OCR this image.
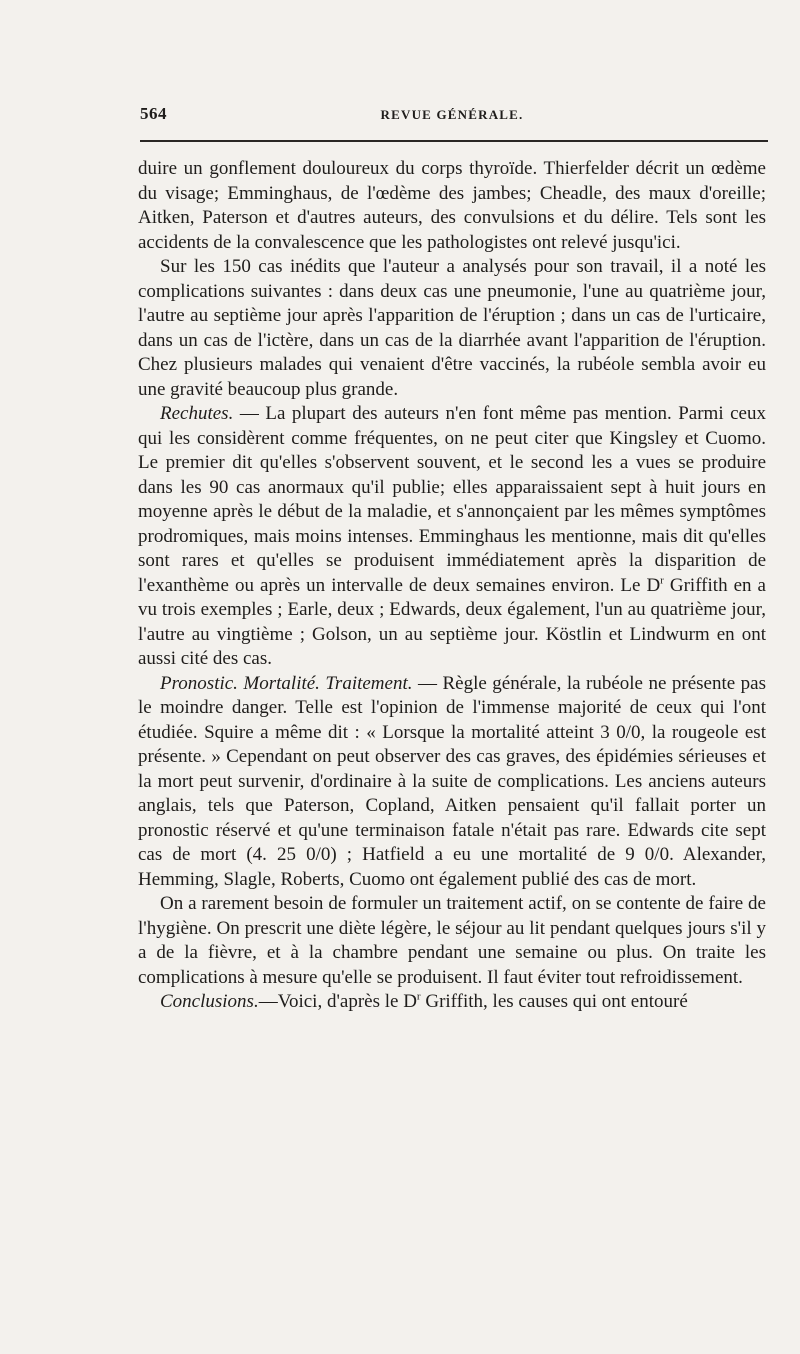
564	REVUE GÉNÉRALE.

duire un gonflement douloureux du corps thyroïde. Thierfelder décrit un œdème du visage; Emminghaus, de l'œdème des jambes; Cheadle, des maux d'oreille; Aitken, Paterson et d'autres auteurs, des convulsions et du délire. Tels sont les accidents de la convalescence que les pathologistes ont relevé jusqu'ici.

Sur les 150 cas inédits que l'auteur a analysés pour son travail, il a noté les complications suivantes : dans deux cas une pneumonie, l'une au quatrième jour, l'autre au septième jour après l'apparition de l'éruption ; dans un cas de l'urticaire, dans un cas de l'ictère, dans un cas de la diarrhée avant l'apparition de l'éruption. Chez plusieurs malades qui venaient d'être vaccinés, la rubéole sembla avoir eu une gravité beaucoup plus grande.

Rechutes. — La plupart des auteurs n'en font même pas mention. Parmi ceux qui les considèrent comme fréquentes, on ne peut citer que Kingsley et Cuomo. Le premier dit qu'elles s'observent souvent, et le second les a vues se produire dans les 90 cas anormaux qu'il publie; elles apparaissaient sept à huit jours en moyenne après le début de la maladie, et s'annonçaient par les mêmes symptômes prodromiques, mais moins intenses. Emminghaus les mentionne, mais dit qu'elles sont rares et qu'elles se produisent immédiatement après la disparition de l'exanthème ou après un intervalle de deux semaines environ. Le $D^r$ Griffith en a vu trois exemples ; Earle, deux ; Edwards, deux également, l'un au quatrième jour, l'autre au vingtième ; Golson, un au septième jour. Köstlin et Lindwurm en ont aussi cité des cas.

Pronostic. Mortalité. Traitement. — Règle générale, la rubéole ne présente pas le moindre danger. Telle est l'opinion de l'immense majorité de ceux qui l'ont étudiée. Squire a même dit : « Lorsque la mortalité atteint 3 0/0, la rougeole est présente. » Cependant on peut observer des cas graves, des épidémies sérieuses et la mort peut survenir, d'ordinaire à la suite de complications. Les anciens auteurs anglais, tels que Paterson, Copland, Aitken pensaient qu'il fallait porter un pronostic réservé et qu'une terminaison fatale n'était pas rare. Edwards cite sept cas de mort (4. 25 0/0) ; Hatfield a eu une mortalité de 9 0/0. Alexander, Hemming, Slagle, Roberts, Cuomo ont également publié des cas de mort.

On a rarement besoin de formuler un traitement actif, on se contente de faire de l'hygiène. On prescrit une diète légère, le séjour au lit pendant quelques jours s'il y a de la fièvre, et à la chambre pendant une semaine ou plus. On traite les complications à mesure qu'elle se produisent. Il faut éviter tout refroidissement.

Conclusions.—Voici, d'après le $D^r$ Griffith, les causes qui ont entouré
